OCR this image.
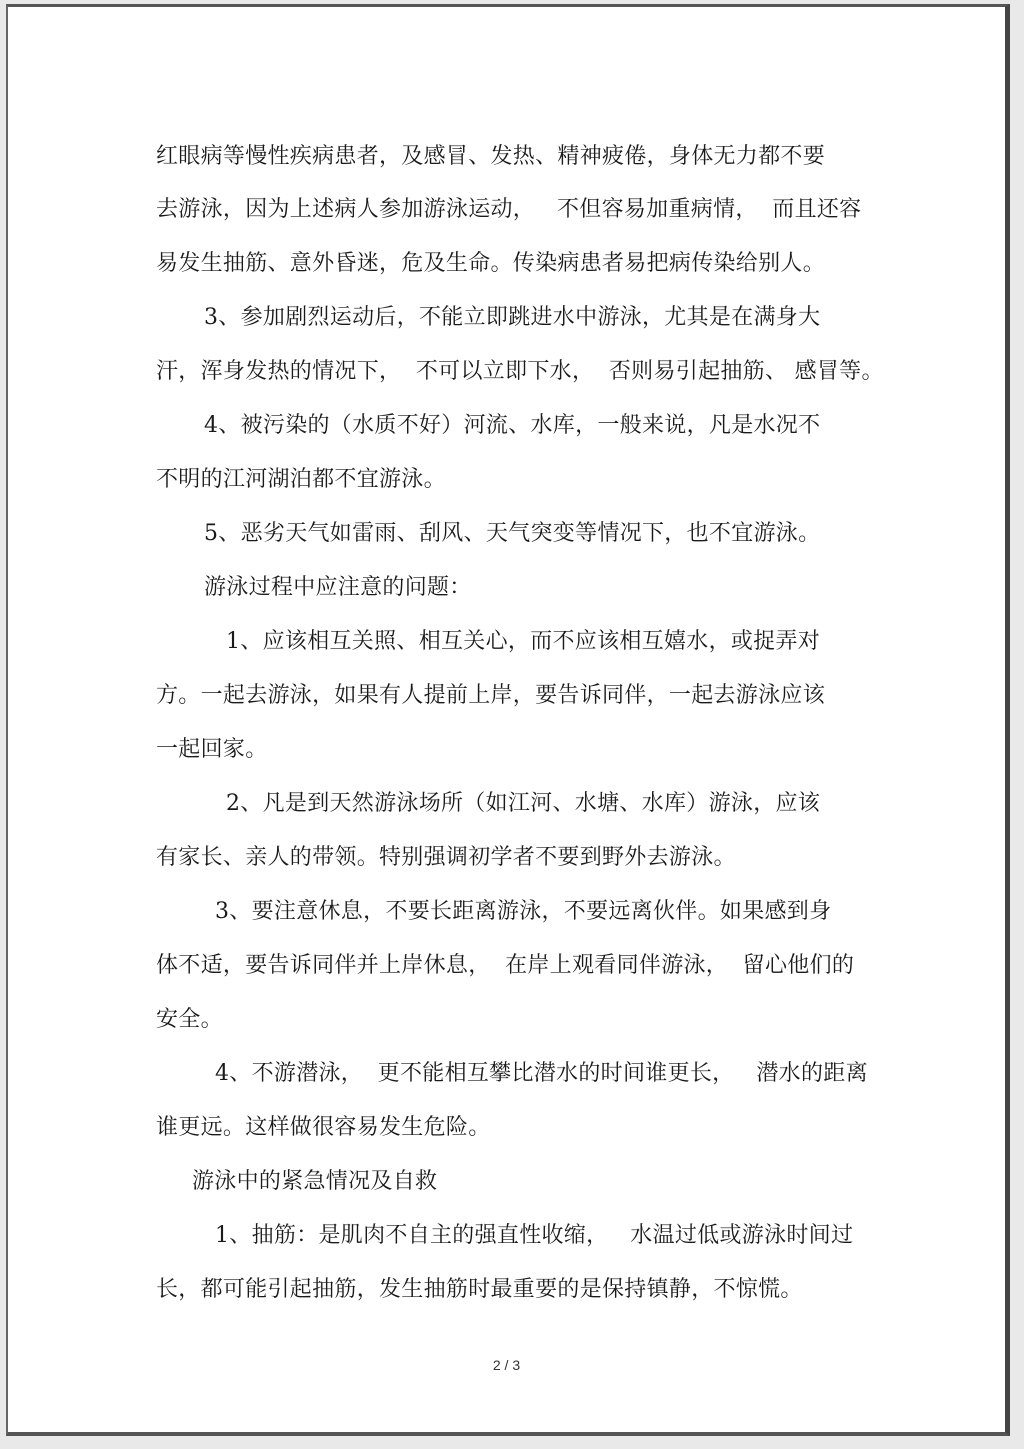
红眼病等慢性疾病患者，及感冒、发热、精神疲倦，身体无力都不要
去游泳，因为上述病人参加游泳运动，   不但容易加重病情，  而且还容
易发生抽筋、意外昏迷，危及生命。传染病患者易把病传染给别人。
3、参加剧烈运动后，不能立即跳进水中游泳，尤其是在满身大
汗，浑身发热的情况下，  不可以立即下水，  否则易引起抽筋、 感冒等。
4、被污染的（水质不好）河流、水库，一般来说，凡是水况不
不明的江河湖泊都不宜游泳。
5、恶劣天气如雷雨、刮风、天气突变等情况下，也不宜游泳。
游泳过程中应注意的问题：
1、应该相互关照、相互关心，而不应该相互嬉水，或捉弄对
方。一起去游泳，如果有人提前上岸，要告诉同伴，一起去游泳应该
一起回家。
2、凡是到天然游泳场所（如江河、水塘、水库）游泳，应该
有家长、亲人的带领。特别强调初学者不要到野外去游泳。
3、要注意休息，不要长距离游泳，不要远离伙伴。如果感到身
体不适，要告诉同伴并上岸休息，  在岸上观看同伴游泳，  留心他们的
安全。
4、不游潜泳，  更不能相互攀比潜水的时间谁更长，   潜水的距离
谁更远。这样做很容易发生危险。
游泳中的紧急情况及自救
1、抽筋：是肌肉不自主的强直性收缩，   水温过低或游泳时间过
长，都可能引起抽筋，发生抽筋时最重要的是保持镇静，不惊慌。
2 / 3
